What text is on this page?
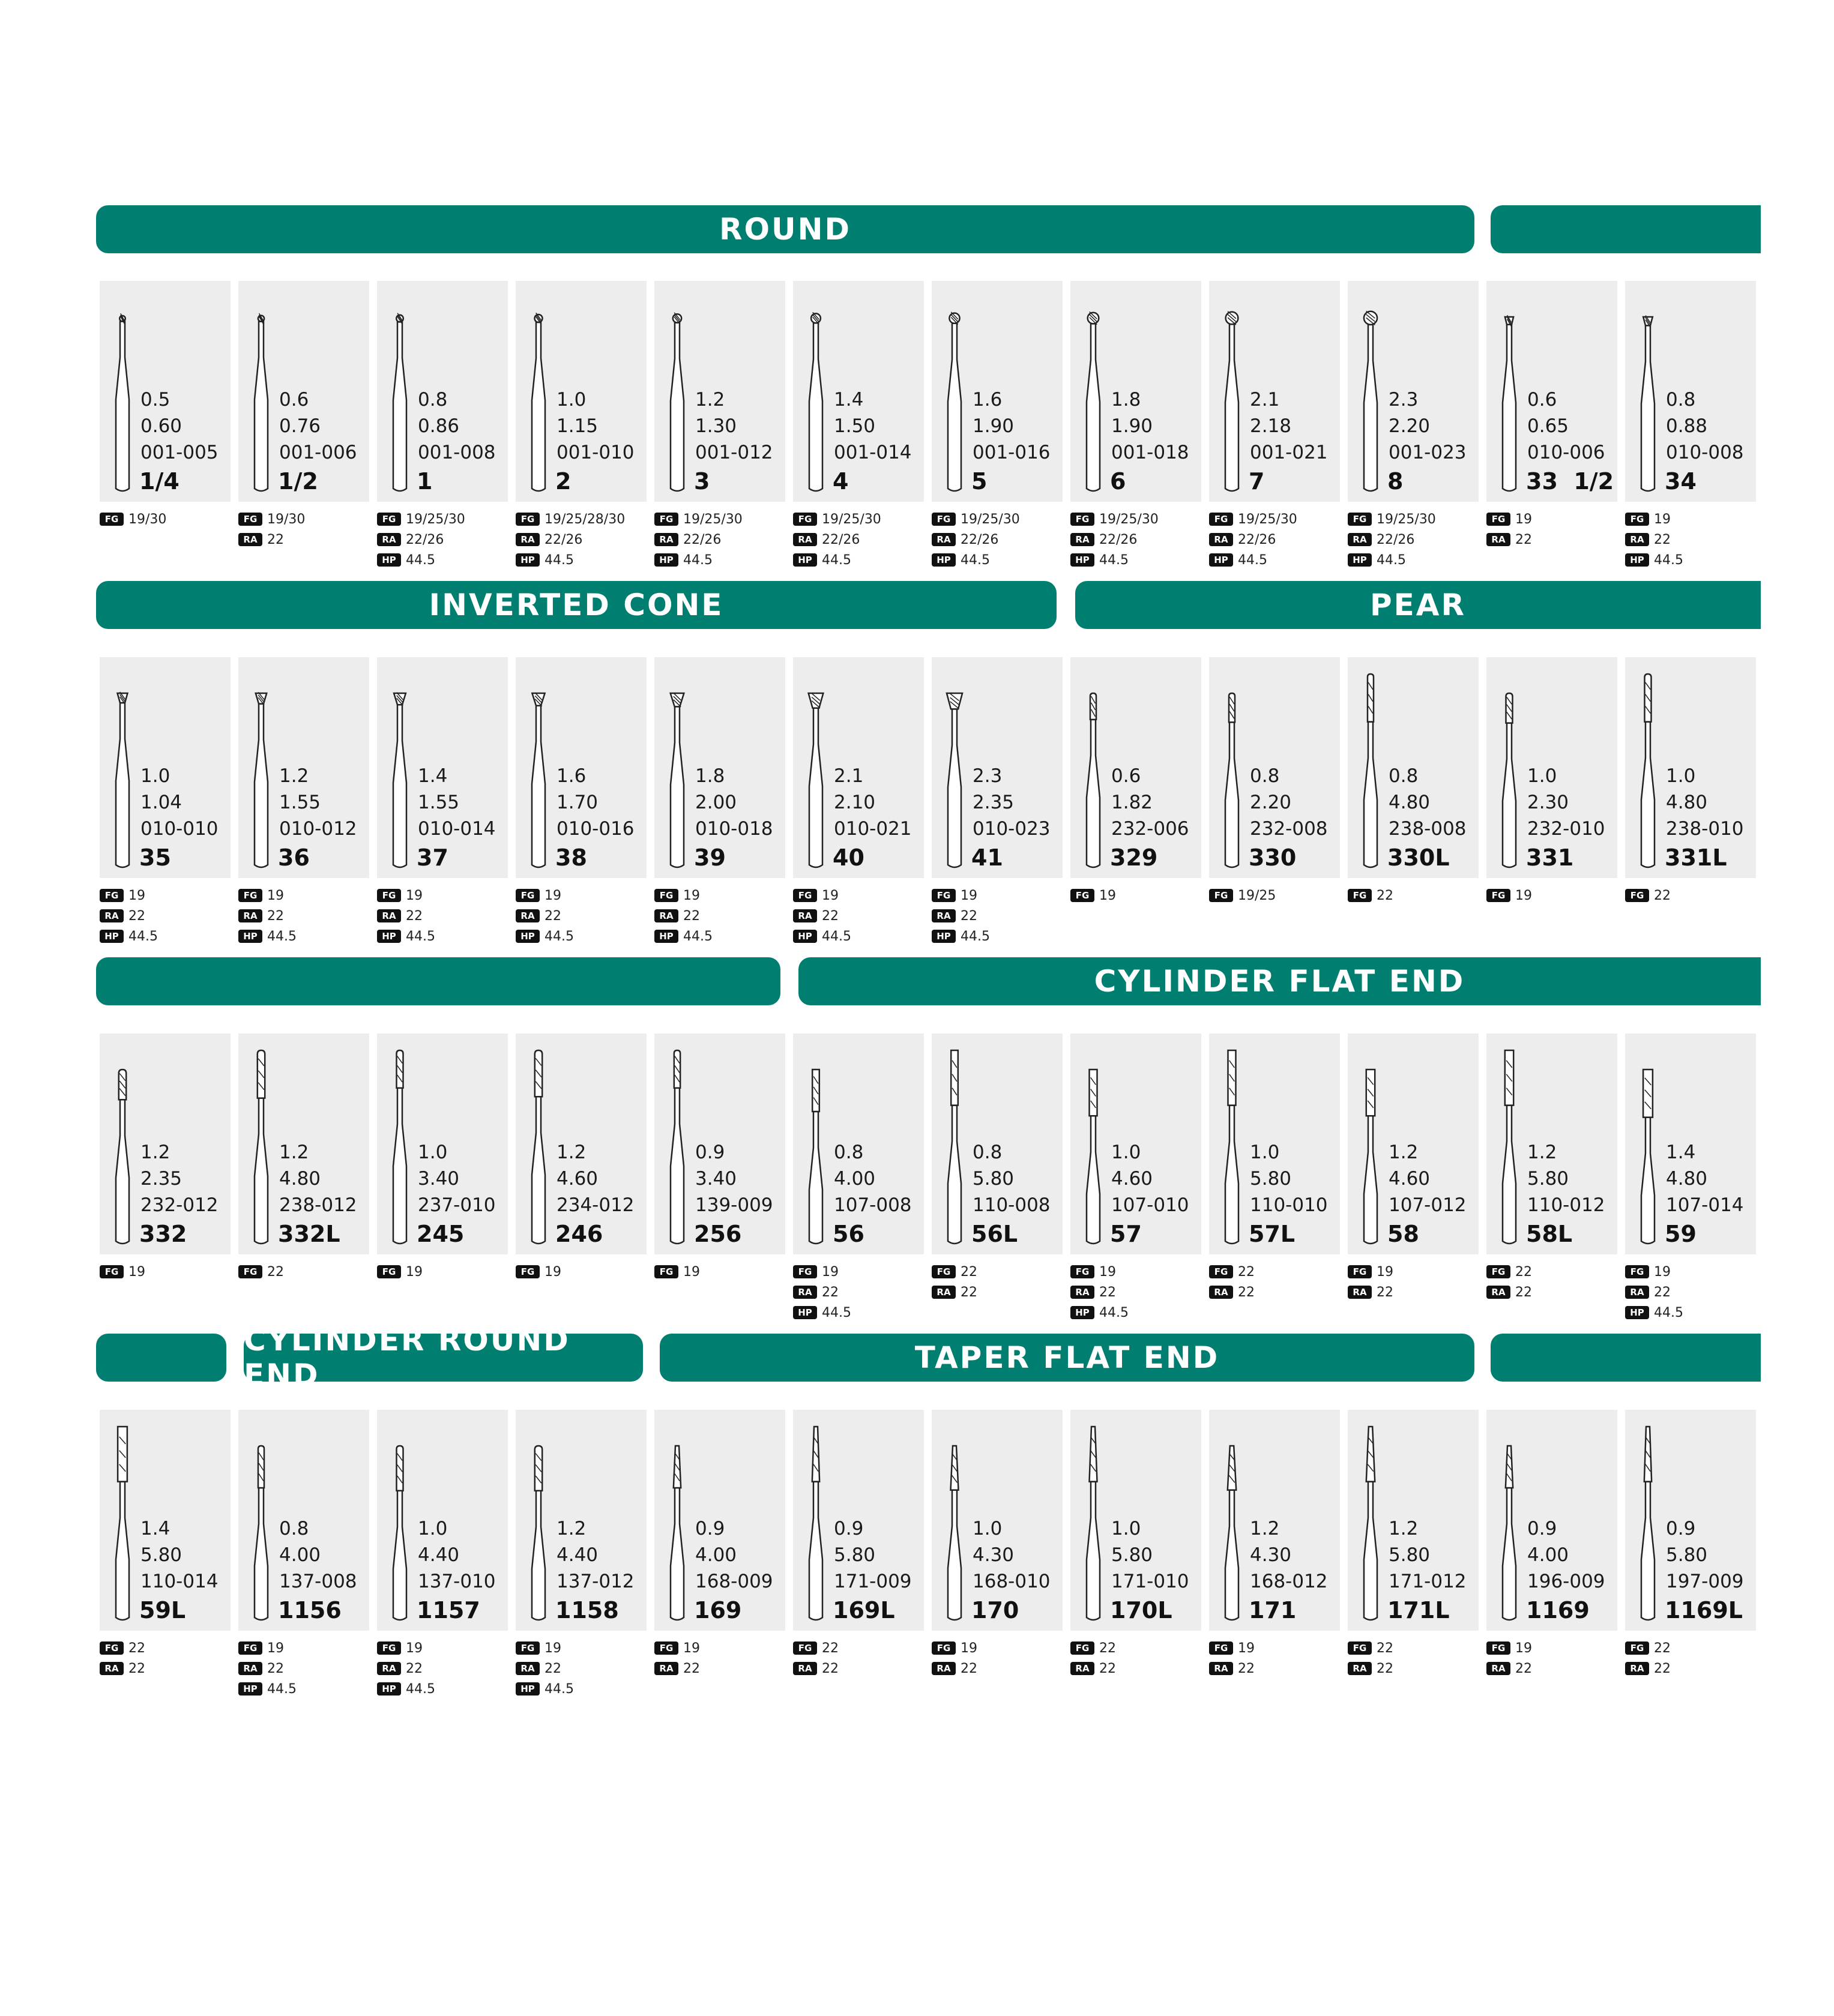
ROUND
INVERTED CONE	PEAR
CYLINDER FLAT END
CYLINDER ROUND END	TAPER FLAT END
0.5
0.60
001-005
1/4
FG 19/30
0.6
0.76
001-006
1/2
FG 19/30
RA 22
0.8
0.86
001-008
1
FG 19/25/30
RA 22/26
HP 44.5
1.0
1.15
001-010
2
FG 19/25/28/30
RA 22/26
HP 44.5
1.2
1.30
001-012
3
FG 19/25/30
RA 22/26
HP 44.5
1.4
1.50
001-014
4
FG 19/25/30
RA 22/26
HP 44.5
1.6
1.90
001-016
5
FG 19/25/30
RA 22/26
HP 44.5
1.8
1.90
001-018
6
FG 19/25/30
RA 22/26
HP 44.5
2.1
2.18
001-021
7
FG 19/25/30
RA 22/26
HP 44.5
2.3
2.20
001-023
8
FG 19/25/30
RA 22/26
HP 44.5
0.6
0.65
010-006
33  1/2
FG 19
RA 22
0.8
0.88
010-008
34
FG 19
RA 22
HP 44.5
1.0
1.04
010-010
35
FG 19
RA 22
HP 44.5
1.2
1.55
010-012
36
FG 19
RA 22
HP 44.5
1.4
1.55
010-014
37
FG 19
RA 22
HP 44.5
1.6
1.70
010-016
38
FG 19
RA 22
HP 44.5
1.8
2.00
010-018
39
FG 19
RA 22
HP 44.5
2.1
2.10
010-021
40
FG 19
RA 22
HP 44.5
2.3
2.35
010-023
41
FG 19
RA 22
HP 44.5
0.6
1.82
232-006
329
FG 19
0.8
2.20
232-008
330
FG 19/25
0.8
4.80
238-008
330L
FG 22
1.0
2.30
232-010
331
FG 19
1.0
4.80
238-010
331L
FG 22
1.2
2.35
232-012
332
FG 19
1.2
4.80
238-012
332L
FG 22
1.0
3.40
237-010
245
FG 19
1.2
4.60
234-012
246
FG 19
0.9
3.40
139-009
256
FG 19
0.8
4.00
107-008
56
FG 19
RA 22
HP 44.5
0.8
5.80
110-008
56L
FG 22
RA 22
1.0
4.60
107-010
57
FG 19
RA 22
HP 44.5
1.0
5.80
110-010
57L
FG 22
RA 22
1.2
4.60
107-012
58
FG 19
RA 22
1.2
5.80
110-012
58L
FG 22
RA 22
1.4
4.80
107-014
59
FG 19
RA 22
HP 44.5
1.4
5.80
110-014
59L
FG 22
RA 22
0.8
4.00
137-008
1156
FG 19
RA 22
HP 44.5
1.0
4.40
137-010
1157
FG 19
RA 22
HP 44.5
1.2
4.40
137-012
1158
FG 19
RA 22
HP 44.5
0.9
4.00
168-009
169
FG 19
RA 22
0.9
5.80
171-009
169L
FG 22
RA 22
1.0
4.30
168-010
170
FG 19
RA 22
1.0
5.80
171-010
170L
FG 22
RA 22
1.2
4.30
168-012
171
FG 19
RA 22
1.2
5.80
171-012
171L
FG 22
RA 22
0.9
4.00
196-009
1169
FG 19
RA 22
0.9
5.80
197-009
1169L
FG 22
RA 22
